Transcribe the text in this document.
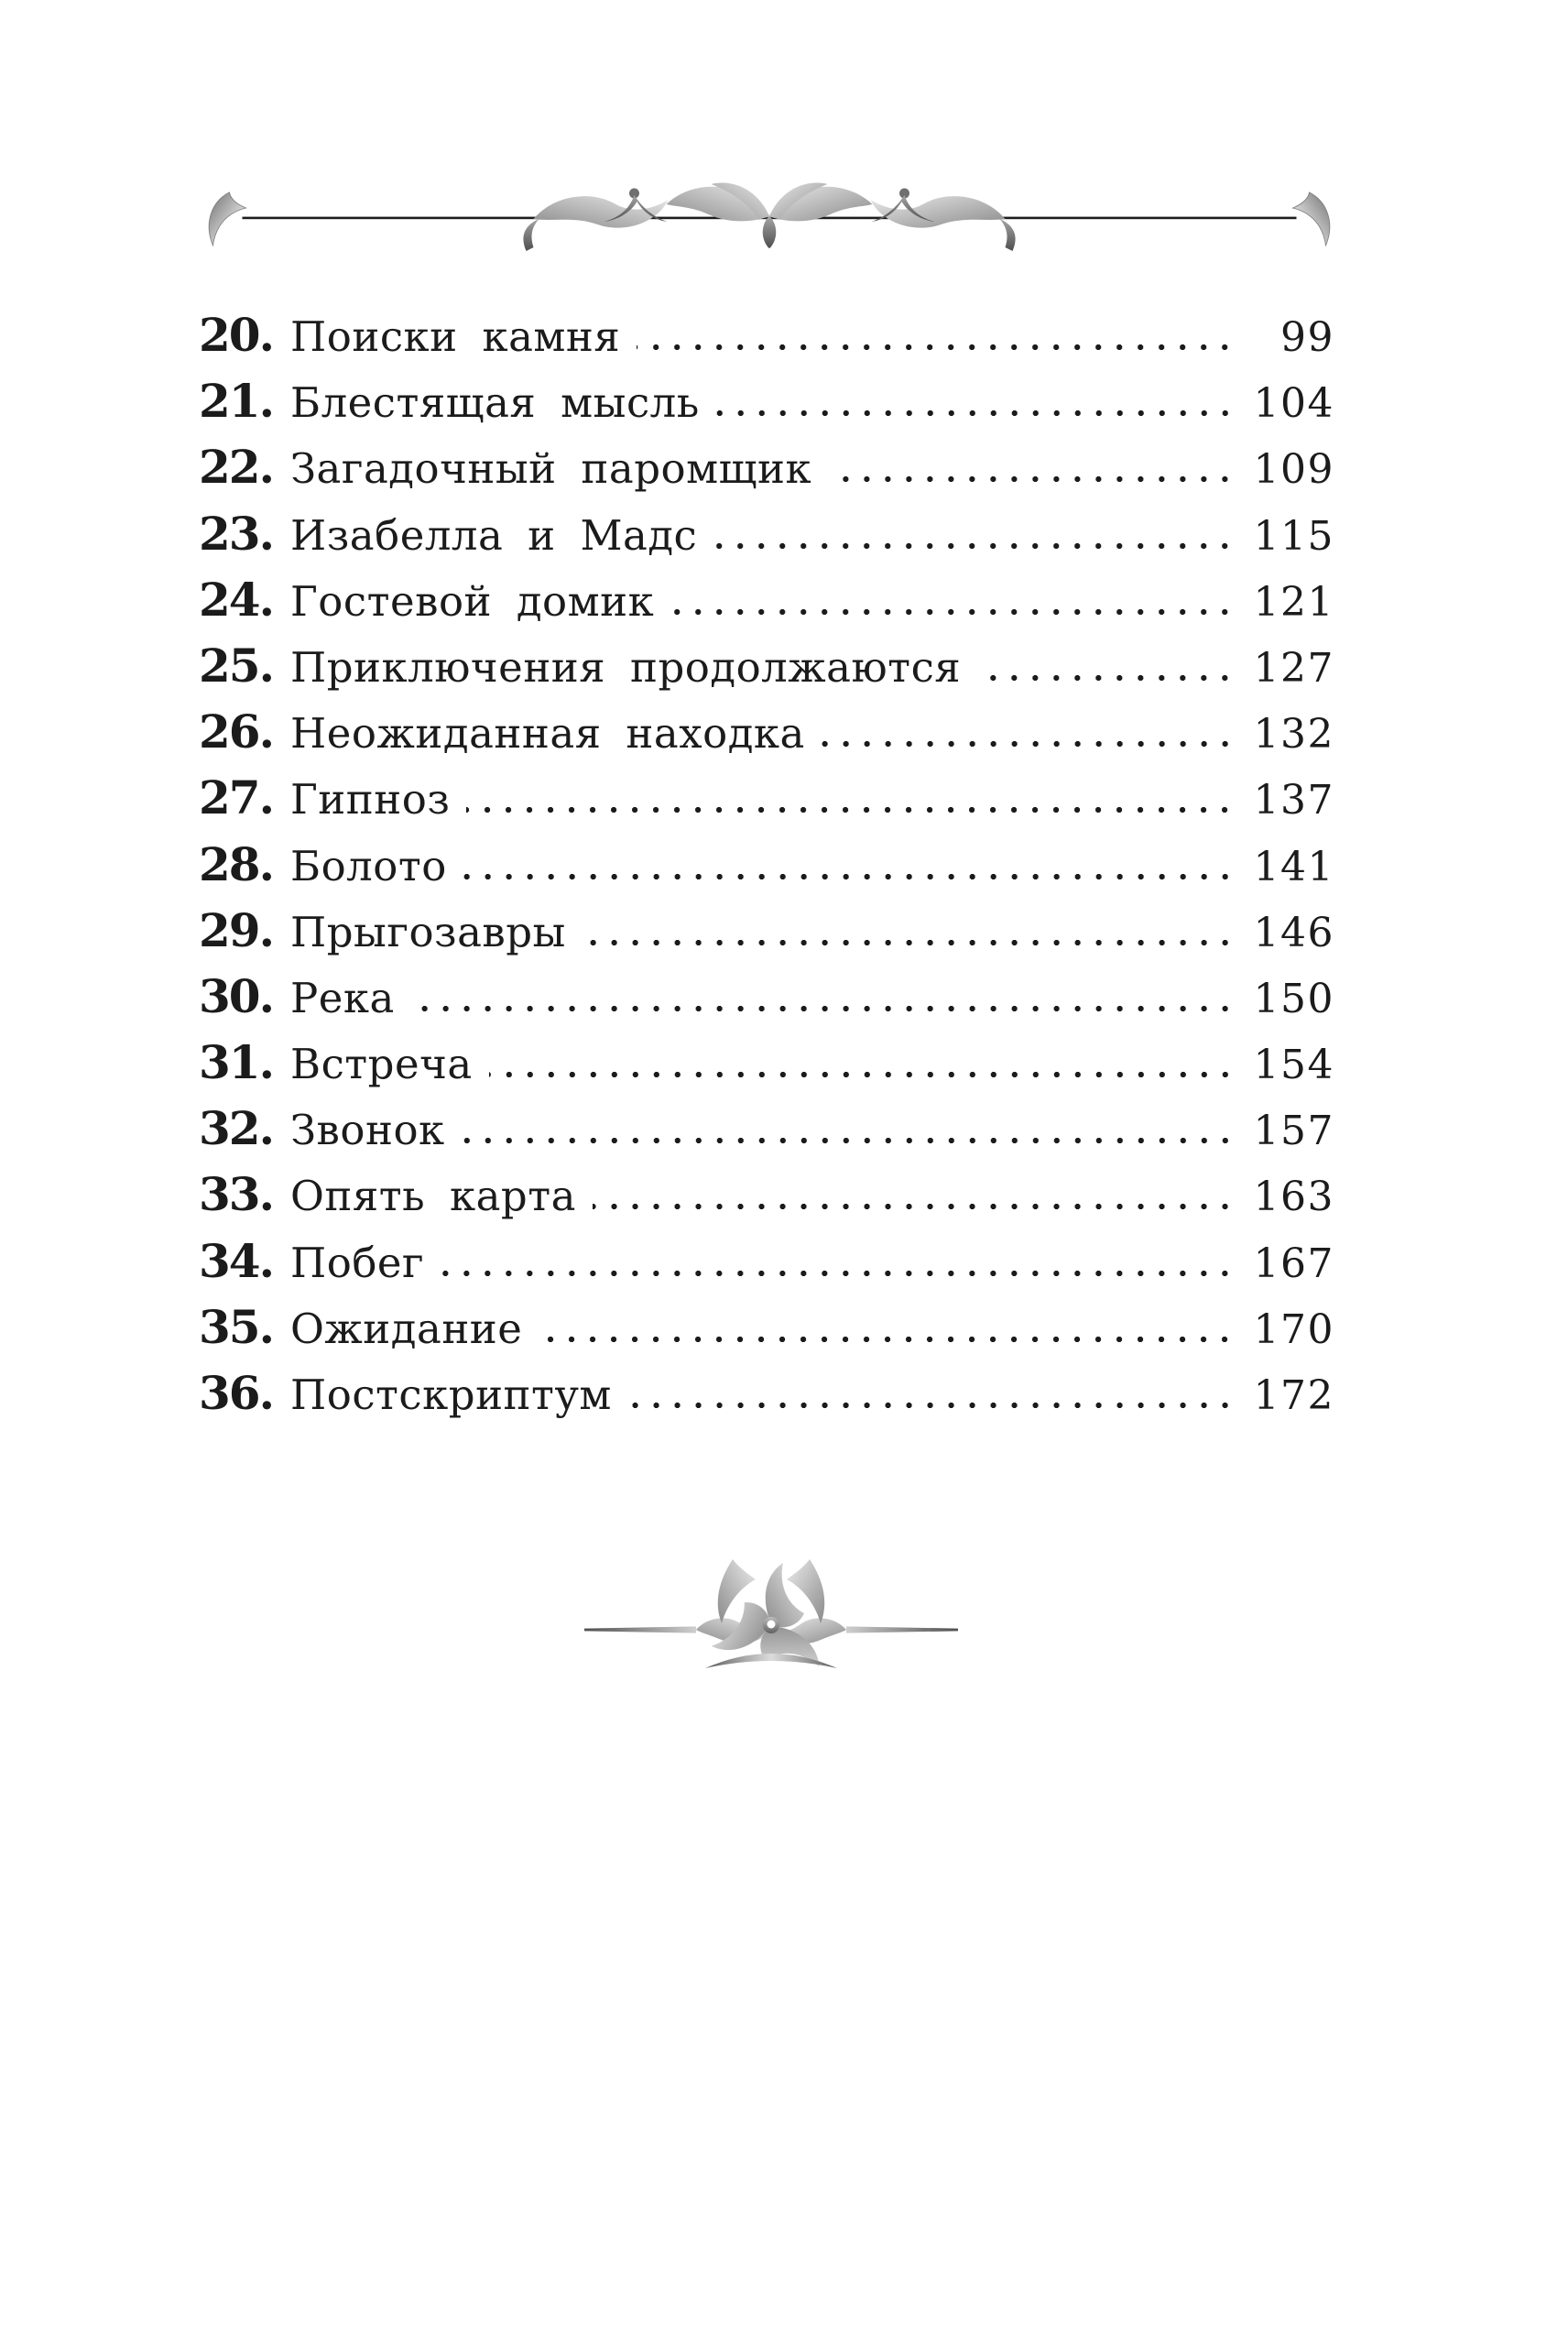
20. Поиски камня	99
21. Блестящая мысль	104
22. Загадочный паромщик	109
23. Изабелла и Мадс	115
24. Гостевой домик	121
25. Приключения продолжаются	127
26. Неожиданная находка	132
27. Гипноз	137
28. Болото	141
29. Прыгозавры	146
30. Река	150
31. Встреча	154
32. Звонок	157
33. Опять карта	163
34. Побег	167
35. Ожидание	170
36. Постскриптум	172
